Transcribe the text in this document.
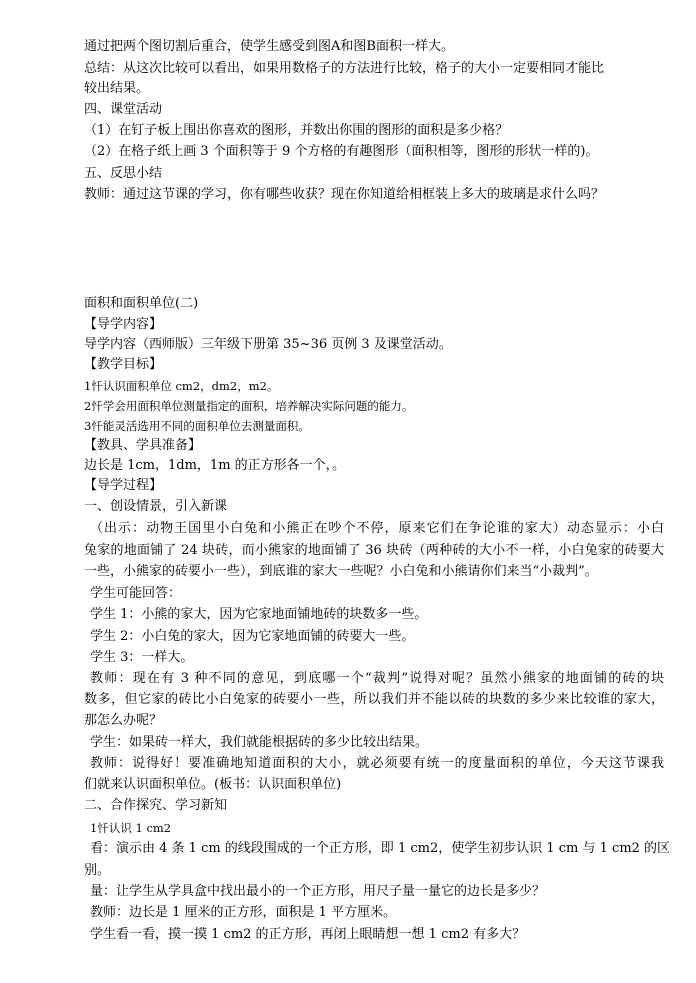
通过把两个图切割后重合，使学生感受到图A和图B面积一样大。
总结：从这次比较可以看出，如果用数格子的方法进行比较，格子的大小一定要相同才能比
较出结果。
四、课堂活动
（1）在钉子板上围出你喜欢的图形，并数出你围的图形的面积是多少格？
（2）在格子纸上画 3 个面积等于 9 个方格的有趣图形（面积相等，图形的形状一样的)。
五、反思小结
教师：通过这节课的学习，你有哪些收获？现在你知道给相框装上多大的玻璃是求什么吗？
面积和面积单位(二)
【导学内容】
导学内容（西师版）三年级下册第 35~36 页例 3 及课堂活动。
【教学目标】
1忏认识面积单位 cm2，dm2，m2。
2忏学会用面积单位测量指定的面积，培养解决实际问题的能力。
3忏能灵活选用不同的面积单位去测量面积。
【教具、学具准备】
边长是 1cm，1dm，1m 的正方形各一个，。
【导学过程】
一、创设情景，引入新课
（出示：动物王国里小白兔和小熊正在吵个不停，原来它们在争论谁的家大）动态显示：小白
兔家的地面铺了 24 块砖，而小熊家的地面铺了 36 块砖（两种砖的大小不一样，小白兔家的砖要大
一些，小熊家的砖要小一些），到底谁的家大一些呢？小白兔和小熊请你们来当“小裁判”。
学生可能回答：
学生 1：小熊的家大，因为它家地面铺地砖的块数多一些。
学生 2：小白兔的家大，因为它家地面铺的砖要大一些。
学生 3：一样大。
教师：现在有 3 种不同的意见，到底哪一个“裁判”说得对呢？虽然小熊家的地面铺的砖的块
数多，但它家的砖比小白兔家的砖要小一些，所以我们并不能以砖的块数的多少来比较谁的家大，
那怎么办呢？
学生：如果砖一样大，我们就能根据砖的多少比较出结果。
教师：说得好！要准确地知道面积的大小，就必须要有统一的度量面积的单位，今天这节课我
们就来认识面积单位。(板书：认识面积单位)
二、合作探究、学习新知
1忏认识 1 cm2
看：演示由 4 条 1 cm 的线段围成的一个正方形，即 1 cm2，使学生初步认识 1 cm 与 1 cm2 的区
别。
量：让学生从学具盒中找出最小的一个正方形，用尺子量一量它的边长是多少？
教师：边长是 1 厘米的正方形，面积是 1 平方厘米。
学生看一看，摸一摸 1 cm2 的正方形，再闭上眼睛想一想 1 cm2 有多大？
